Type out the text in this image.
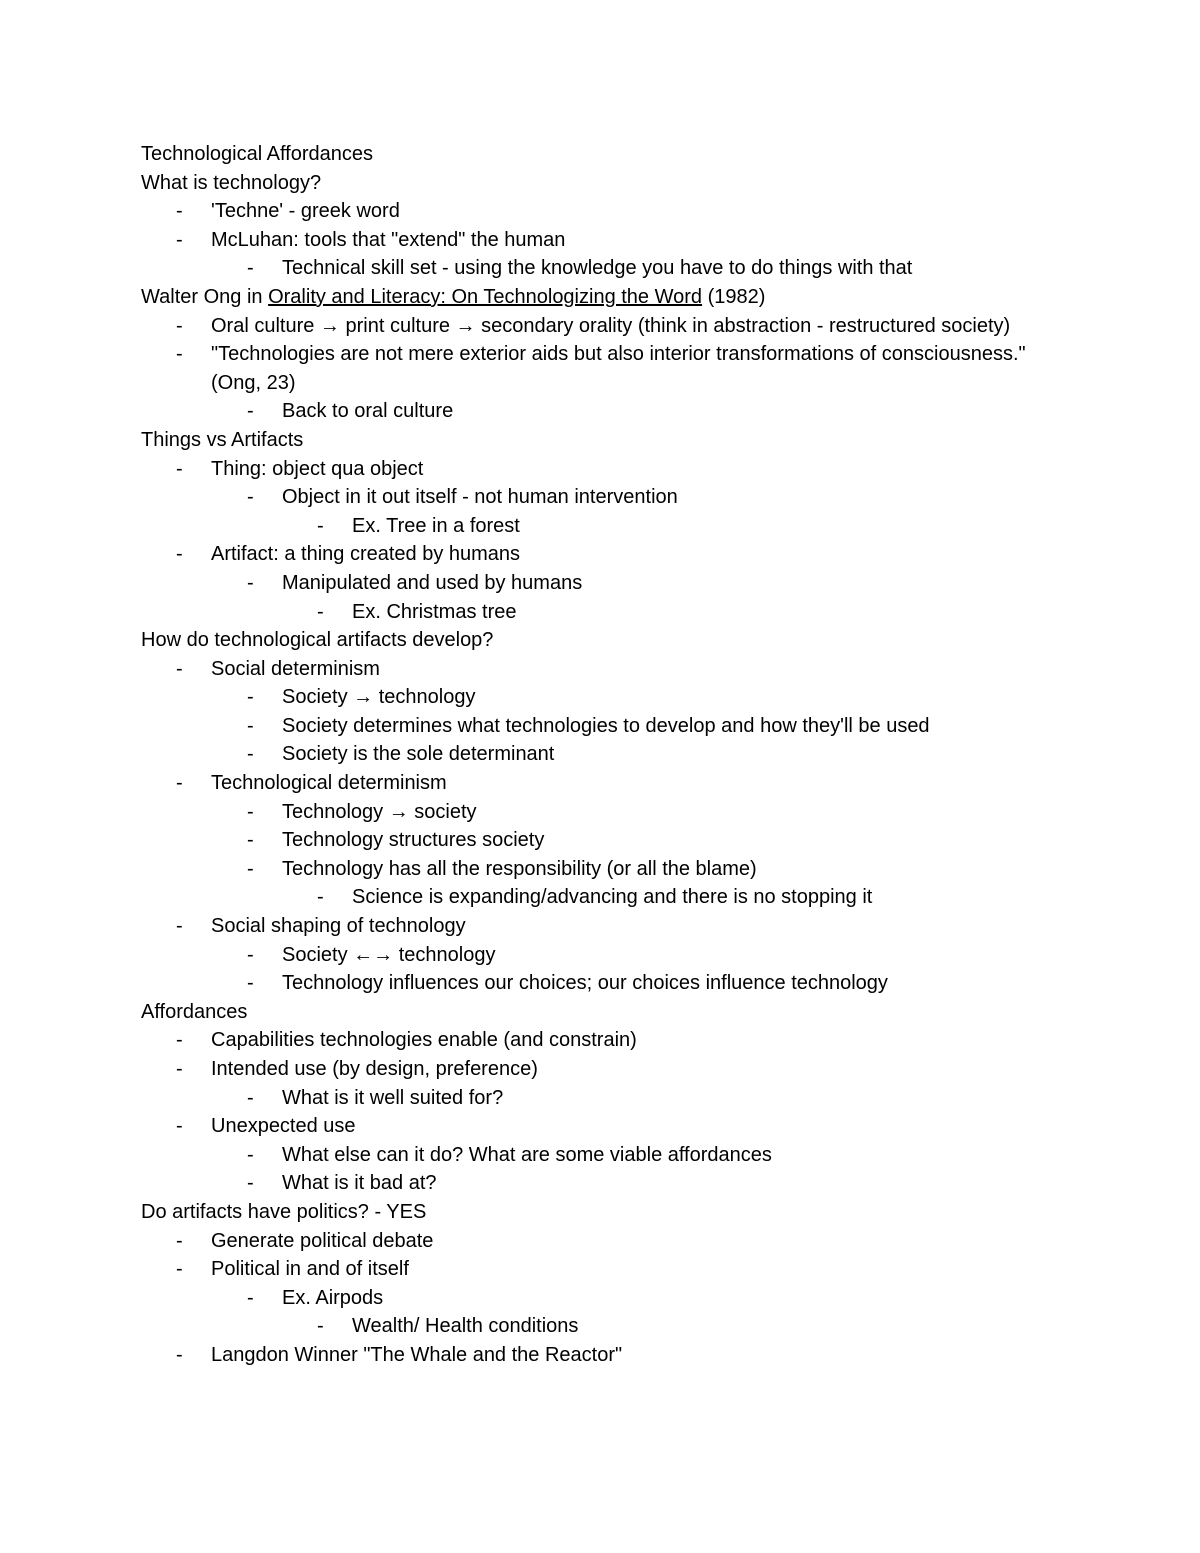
Technological Affordances
What is technology?
-	'Techne' - greek word
-	McLuhan: tools that "extend" the human
-	Technical skill set - using the knowledge you have to do things with that
Walter Ong in Orality and Literacy: On Technologizing the Word (1982)
-	Oral culture → print culture → secondary orality (think in abstraction - restructured society)
-	"Technologies are not mere exterior aids but also interior transformations of consciousness." (Ong, 23)
-	Back to oral culture
Things vs Artifacts
-	Thing: object qua object
-	Object in it out itself - not human intervention
-	Ex. Tree in a forest
-	Artifact: a thing created by humans
-	Manipulated and used by humans
-	Ex. Christmas tree
How do technological artifacts develop?
-	Social determinism
-	Society → technology
-	Society determines what technologies to develop and how they'll be used
-	Society is the sole determinant
-	Technological determinism
-	Technology → society
-	Technology structures society
-	Technology has all the responsibility (or all the blame)
-	Science is expanding/advancing and there is no stopping it
-	Social shaping of technology
-	Society ←→ technology
-	Technology influences our choices; our choices influence technology
Affordances
-	Capabilities technologies enable (and constrain)
-	Intended use (by design, preference)
-	What is it well suited for?
-	Unexpected use
-	What else can it do? What are some viable affordances
-	What is it bad at?
Do artifacts have politics? - YES
-	Generate political debate
-	Political in and of itself
-	Ex. Airpods
-	Wealth/ Health conditions
-	Langdon Winner "The Whale and the Reactor"
